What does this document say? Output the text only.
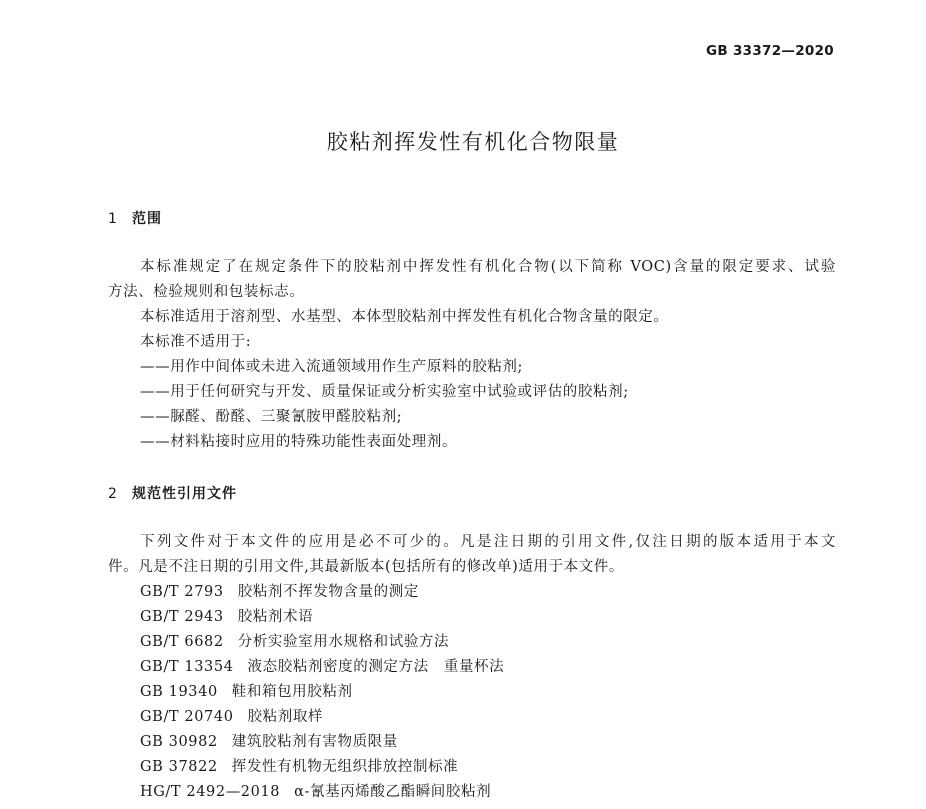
GB 33372—2020
胶粘剂挥发性有机化合物限量
1 范围
本标准规定了在规定条件下的胶粘剂中挥发性有机化合物(以下简称 VOC)含量的限定要求、试验
方法、检验规则和包装标志。
本标准适用于溶剂型、水基型、本体型胶粘剂中挥发性有机化合物含量的限定。
本标准不适用于:
——用作中间体或未进入流通领域用作生产原料的胶粘剂;
——用于任何研究与开发、质量保证或分析实验室中试验或评估的胶粘剂;
——脲醛、酚醛、三聚氰胺甲醛胶粘剂;
——材料粘接时应用的特殊功能性表面处理剂。
2 规范性引用文件
下列文件对于本文件的应用是必不可少的。凡是注日期的引用文件,仅注日期的版本适用于本文
件。凡是不注日期的引用文件,其最新版本(包括所有的修改单)适用于本文件。
GB/T 2793 胶粘剂不挥发物含量的测定
GB/T 2943 胶粘剂术语
GB/T 6682 分析实验室用水规格和试验方法
GB/T 13354 液态胶粘剂密度的测定方法　重量杯法
GB 19340 鞋和箱包用胶粘剂
GB/T 20740 胶粘剂取样
GB 30982 建筑胶粘剂有害物质限量
GB 37822 挥发性有机物无组织排放控制标准
HG/T 2492—2018 α-氰基丙烯酸乙酯瞬间胶粘剂
